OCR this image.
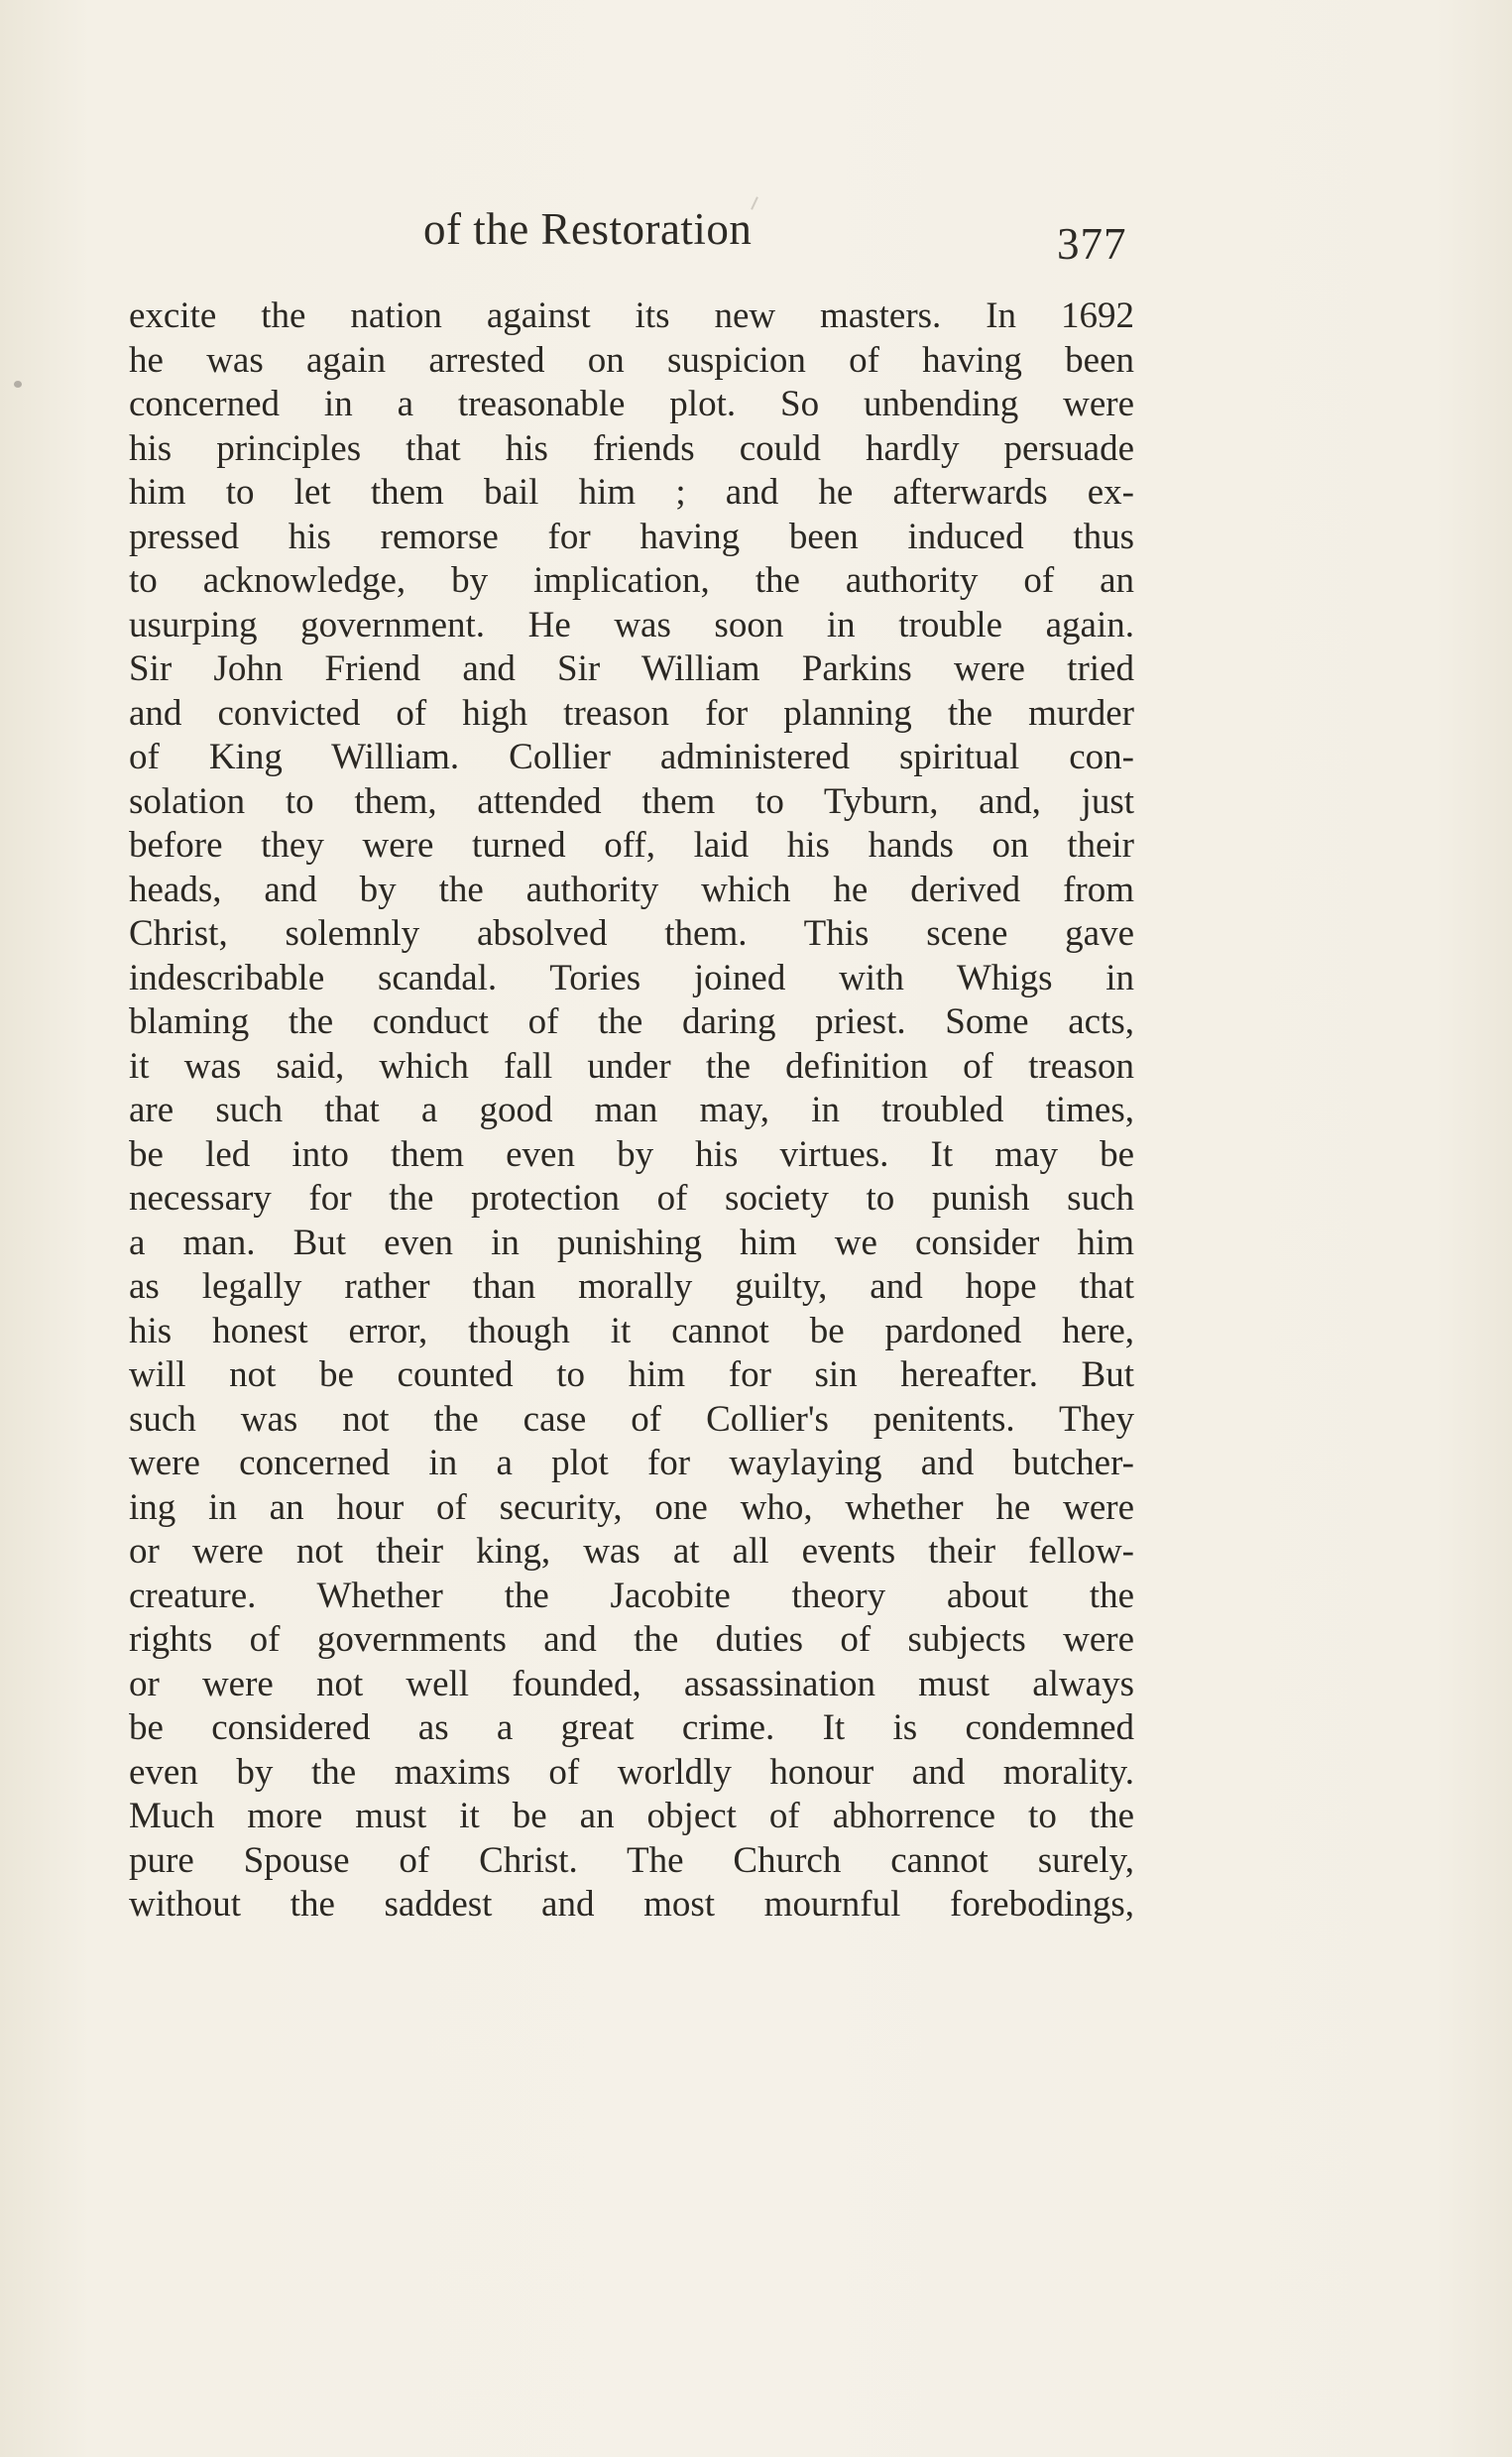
of the Restoration	377
excite the nation against its new masters. In 1692
he was again arrested on suspicion of having been
concerned in a treasonable plot. So unbending were
his principles that his friends could hardly persuade
him to let them bail him ; and he afterwards ex-
pressed his remorse for having been induced thus
to acknowledge, by implication, the authority of an
usurping government. He was soon in trouble again.
Sir John Friend and Sir William Parkins were tried
and convicted of high treason for planning the murder
of King William. Collier administered spiritual con-
solation to them, attended them to Tyburn, and, just
before they were turned off, laid his hands on their
heads, and by the authority which he derived from
Christ, solemnly absolved them. This scene gave
indescribable scandal. Tories joined with Whigs in
blaming the conduct of the daring priest. Some acts,
it was said, which fall under the definition of treason
are such that a good man may, in troubled times,
be led into them even by his virtues. It may be
necessary for the protection of society to punish such
a man. But even in punishing him we consider him
as legally rather than morally guilty, and hope that
his honest error, though it cannot be pardoned here,
will not be counted to him for sin hereafter. But
such was not the case of Collier's penitents. They
were concerned in a plot for waylaying and butcher-
ing in an hour of security, one who, whether he were
or were not their king, was at all events their fellow-
creature. Whether the Jacobite theory about the
rights of governments and the duties of subjects were
or were not well founded, assassination must always
be considered as a great crime. It is condemned
even by the maxims of worldly honour and morality.
Much more must it be an object of abhorrence to the
pure Spouse of Christ. The Church cannot surely,
without the saddest and most mournful forebodings,
